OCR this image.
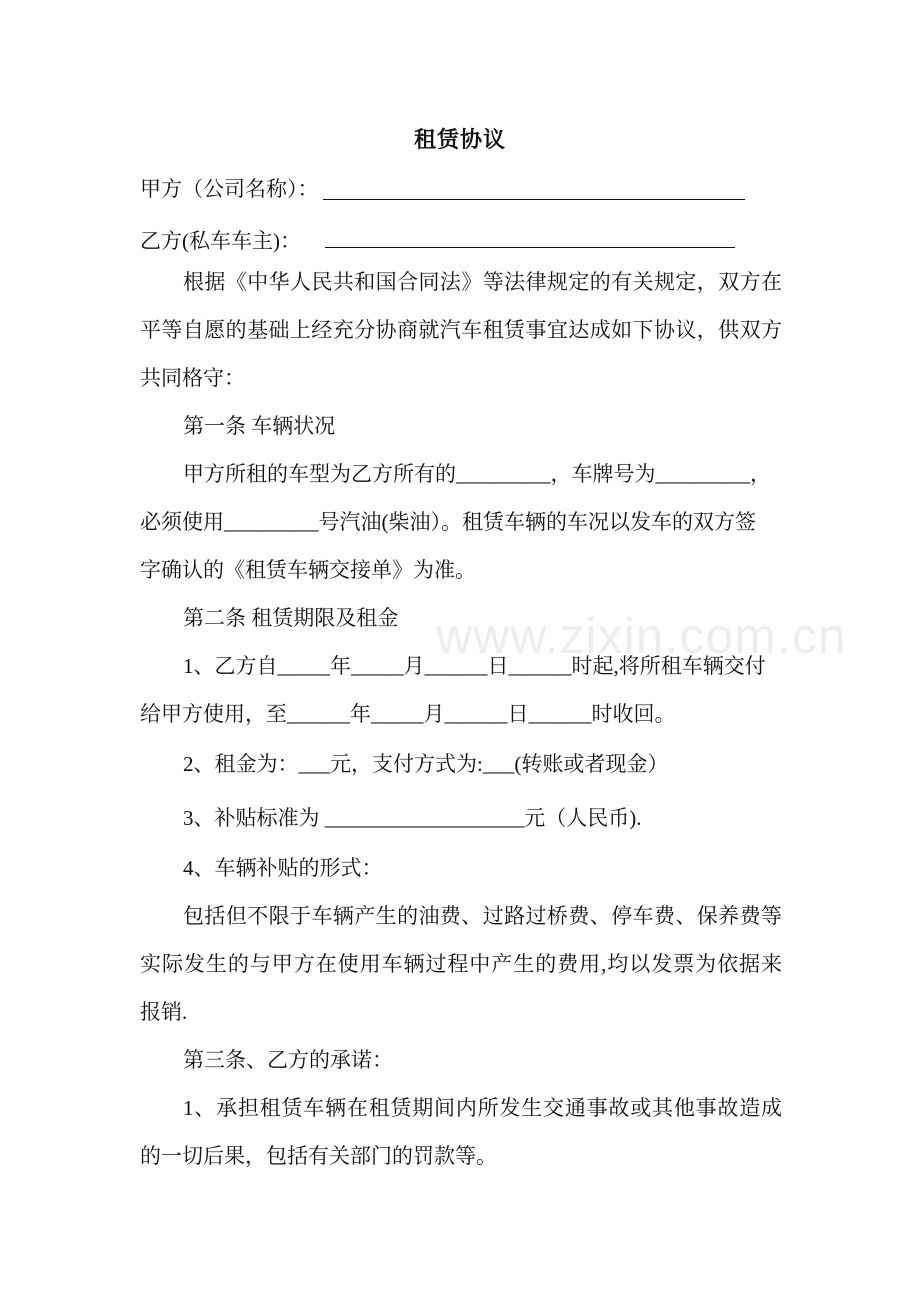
www.zixin.com.cn
租赁协议
甲方（公司名称）：
乙方(私车车主)：
根据《中华人民共和国合同法》等法律规定的有关规定，双方在
平等自愿的基础上经充分协商就汽车租赁事宜达成如下协议，供双方
共同格守：
第一条 车辆状况
甲方所租的车型为乙方所有的_________，车牌号为_________，
必须使用_________号汽油(柴油）。租赁车辆的车况以发车的双方签
字确认的《租赁车辆交接单》为准。
第二条 租赁期限及租金
1、乙方自_____年_____月______日______时起,将所租车辆交付
给甲方使用，至______年_____月______日______时收回。
2、租金为：___元，支付方式为:___(转账或者现金）
3、补贴标准为 ___________________元（人民币).
4、车辆补贴的形式：
包括但不限于车辆产生的油费、过路过桥费、停车费、保养费等
实际发生的与甲方在使用车辆过程中产生的费用,均以发票为依据来
报销.
第三条、乙方的承诺：
1、承担租赁车辆在租赁期间内所发生交通事故或其他事故造成
的一切后果，包括有关部门的罚款等。
